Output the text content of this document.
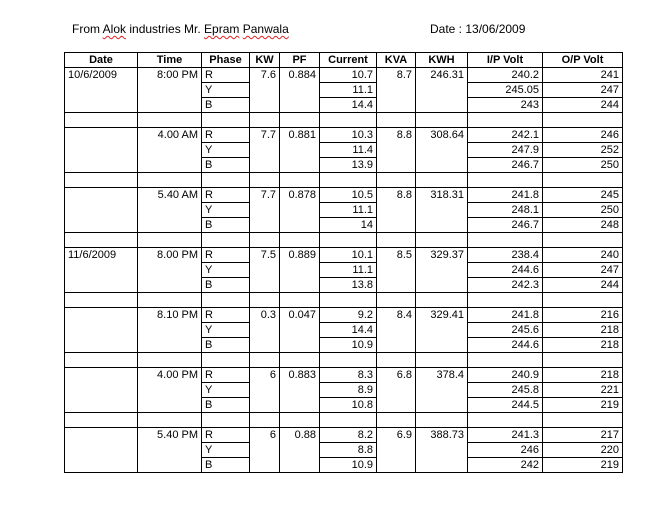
From Alok industries Mr. Epram Panwala	Date : 13/06/2009
Date	Time	Phase	KW	PF	Current	KVA	KWH	I/P Volt	O/P Volt
10/6/2009	8:00 PM	R	7.6	0.884	10.7	8.7	246.31	240.2	241
		Y			11.1			245.05	247
		B			14.4			243	244

	4.00 AM	R	7.7	0.881	10.3	8.8	308.64	242.1	246
		Y			11.4			247.9	252
		B			13.9			246.7	250

	5.40 AM	R	7.7	0.878	10.5	8.8	318.31	241.8	245
		Y			11.1			248.1	250
		B			14			246.7	248

11/6/2009	8.00 PM	R	7.5	0.889	10.1	8.5	329.37	238.4	240
		Y			11.1			244.6	247
		B			13.8			242.3	244

	8.10 PM	R	0.3	0.047	9.2	8.4	329.41	241.8	216
		Y			14.4			245.6	218
		B			10.9			244.6	218

	4.00 PM	R	6	0.883	8.3	6.8	378.4	240.9	218
		Y			8.9			245.8	221
		B			10.8			244.5	219

	5.40 PM	R	6	0.88	8.2	6.9	388.73	241.3	217
		Y			8.8			246	220
		B			10.9			242	219
